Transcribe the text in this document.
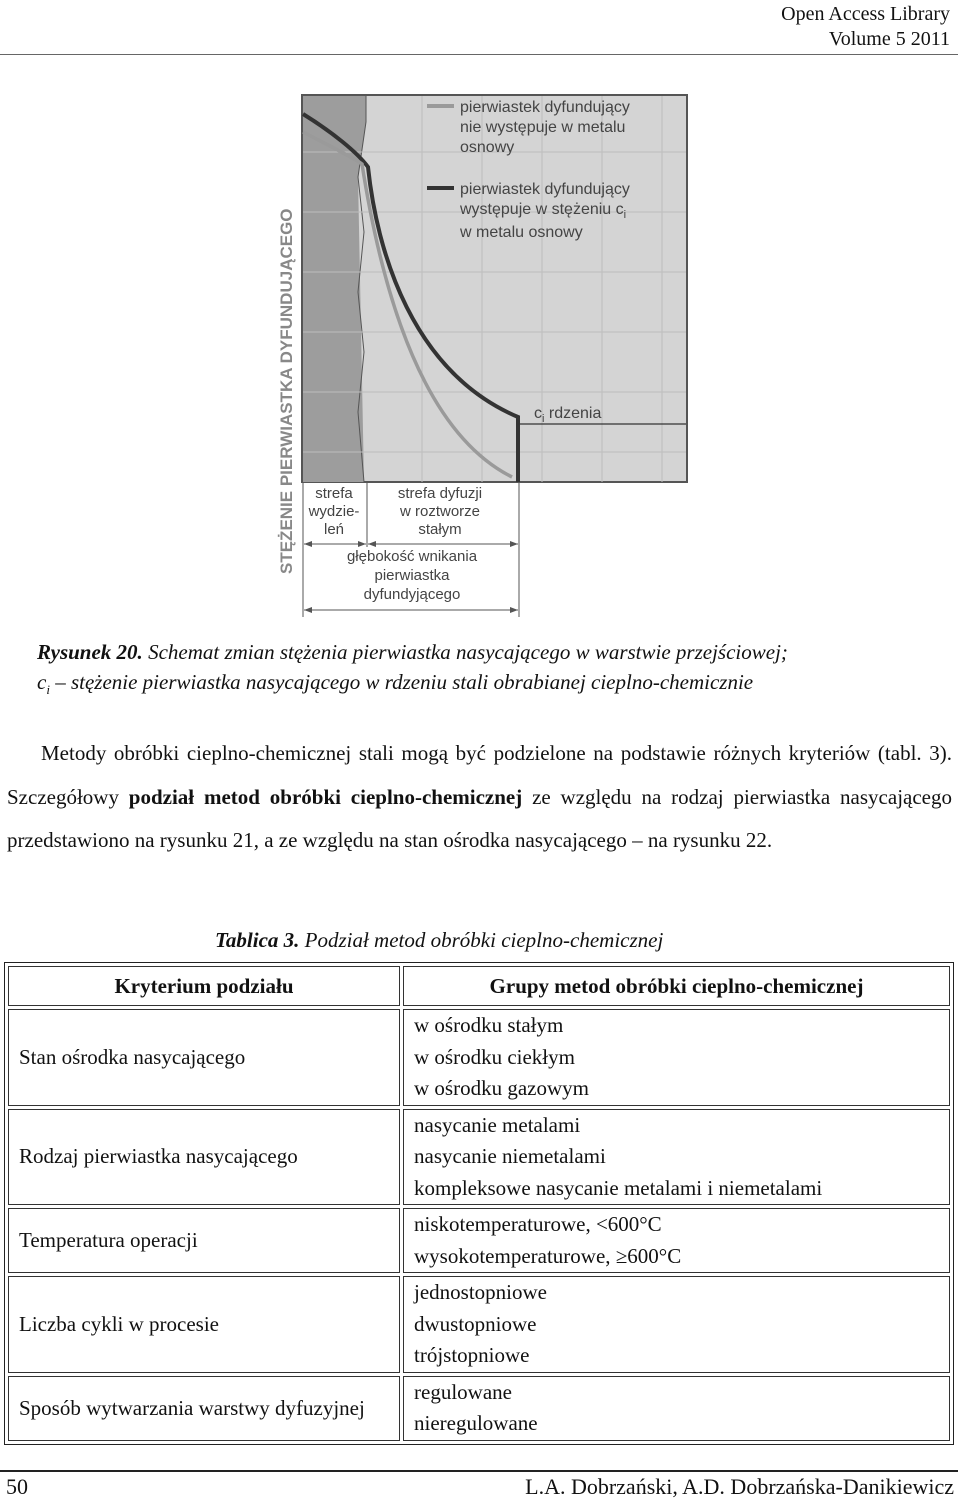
Open Access Library
Volume 5 2011
pierwiastek dyfundujący
nie występuje w metalu
osnowy
pierwiastek dyfundujący
występuje w stężeniu $c_i$
w metalu osnowy
$c_i$ rdzenia
STĘŻENIE PIERWIASTKA DYFUNDUJĄCEGO strefa
wydzie-
leń
strefa dyfuzji
w roztworze
stałym
głębokość wnikania
pierwiastka
dyfundyjącego
Rysunek 20. Schemat zmian stężenia pierwiastka nasycającego w warstwie przejściowej;
$c_i$ – stężenie pierwiastka nasycającego w rdzeniu stali obrabianej cieplno-chemicznie
Metody obróbki cieplno-chemicznej stali mogą być podzielone na podstawie różnych kryteriów (tabl. 3). Szczegółowy podział metod obróbki cieplno-chemicznej ze względu na rodzaj pierwiastka nasycającego przedstawiono na rysunku 21, a ze względu na stan ośrodka nasycającego – na rysunku 22.
Tablica 3. Podział metod obróbki cieplno-chemicznej
Kryterium podziału	Grupy metod obróbki cieplno-chemicznej
Stan ośrodka nasycającego	w ośrodku stałym
w ośrodku ciekłym
w ośrodku gazowym

Rodzaj pierwiastka nasycającego	nasycanie metalami
nasycanie niemetalami
kompleksowe nasycanie metalami i niemetalami

Temperatura operacji	niskotemperaturowe, <600°C
wysokotemperaturowe, ≥600°C

Liczba cykli w procesie	jednostopniowe
dwustopniowe
trójstopniowe

Sposób wytwarzania warstwy dyfuzyjnej	regulowane
nieregulowane
50	L.A. Dobrzański, A.D. Dobrzańska-Danikiewicz
